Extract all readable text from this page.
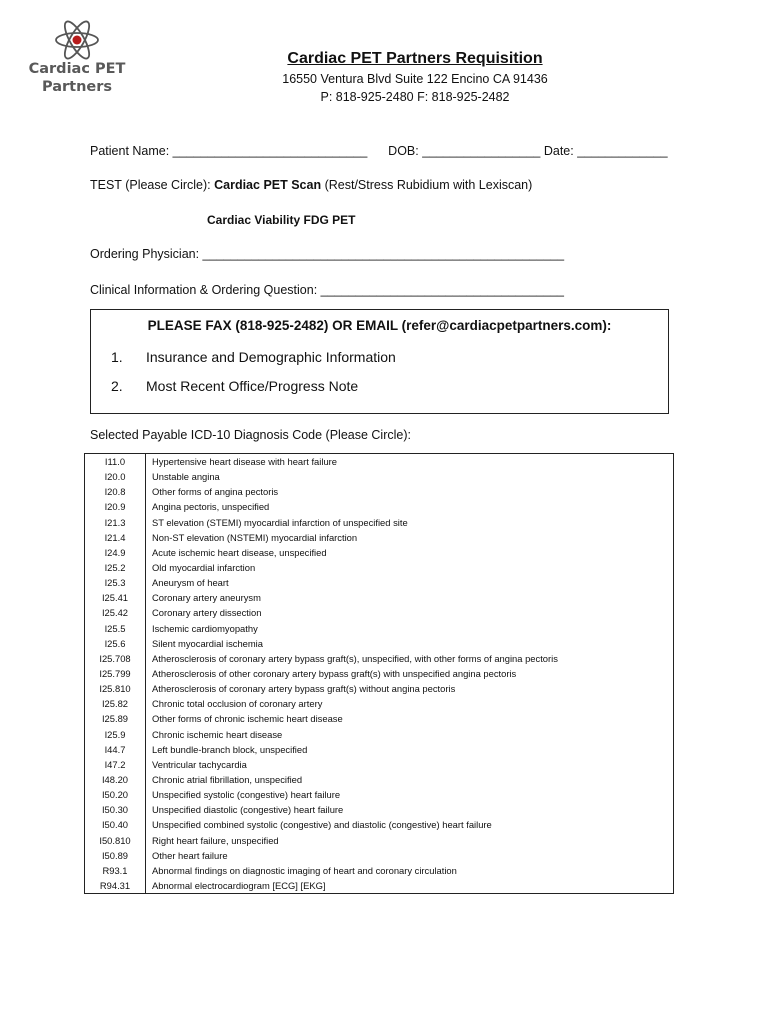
Cardiac PET
Partners
Cardiac PET Partners Requisition
16550 Ventura Blvd Suite 122 Encino CA 91436
P: 818-925-2480 F: 818-925-2482
Patient Name: ____________________________      DOB: _________________ Date: _____________
TEST (Please Circle): Cardiac PET Scan (Rest/Stress Rubidium with Lexiscan)
Cardiac Viability FDG PET
Ordering Physician: ____________________________________________________
Clinical Information & Ordering Question: ___________________________________
PLEASE FAX (818-925-2482) OR EMAIL (refer@cardiacpetpartners.com):
1. Insurance and Demographic Information
2. Most Recent Office/Progress Note
Selected Payable ICD-10 Diagnosis Code (Please Circle):
I11.0	Hypertensive heart disease with heart failure
I20.0	Unstable angina
I20.8	Other forms of angina pectoris
I20.9	Angina pectoris, unspecified
I21.3	ST elevation (STEMI) myocardial infarction of unspecified site
I21.4	Non-ST elevation (NSTEMI) myocardial infarction
I24.9	Acute ischemic heart disease, unspecified
I25.2	Old myocardial infarction
I25.3	Aneurysm of heart
I25.41	Coronary artery aneurysm
I25.42	Coronary artery dissection
I25.5	Ischemic cardiomyopathy
I25.6	Silent myocardial ischemia
I25.708	Atherosclerosis of coronary artery bypass graft(s), unspecified, with other forms of angina pectoris
I25.799	Atherosclerosis of other coronary artery bypass graft(s) with unspecified angina pectoris
I25.810	Atherosclerosis of coronary artery bypass graft(s) without angina pectoris
I25.82	Chronic total occlusion of coronary artery
I25.89	Other forms of chronic ischemic heart disease
I25.9	Chronic ischemic heart disease
I44.7	Left bundle-branch block, unspecified
I47.2	Ventricular tachycardia
I48.20	Chronic atrial fibrillation, unspecified
I50.20	Unspecified systolic (congestive) heart failure
I50.30	Unspecified diastolic (congestive) heart failure
I50.40	Unspecified combined systolic (congestive) and diastolic (congestive) heart failure
I50.810	Right heart failure, unspecified
I50.89	Other heart failure
R93.1	Abnormal findings on diagnostic imaging of heart and coronary circulation
R94.31	Abnormal electrocardiogram [ECG] [EKG]
